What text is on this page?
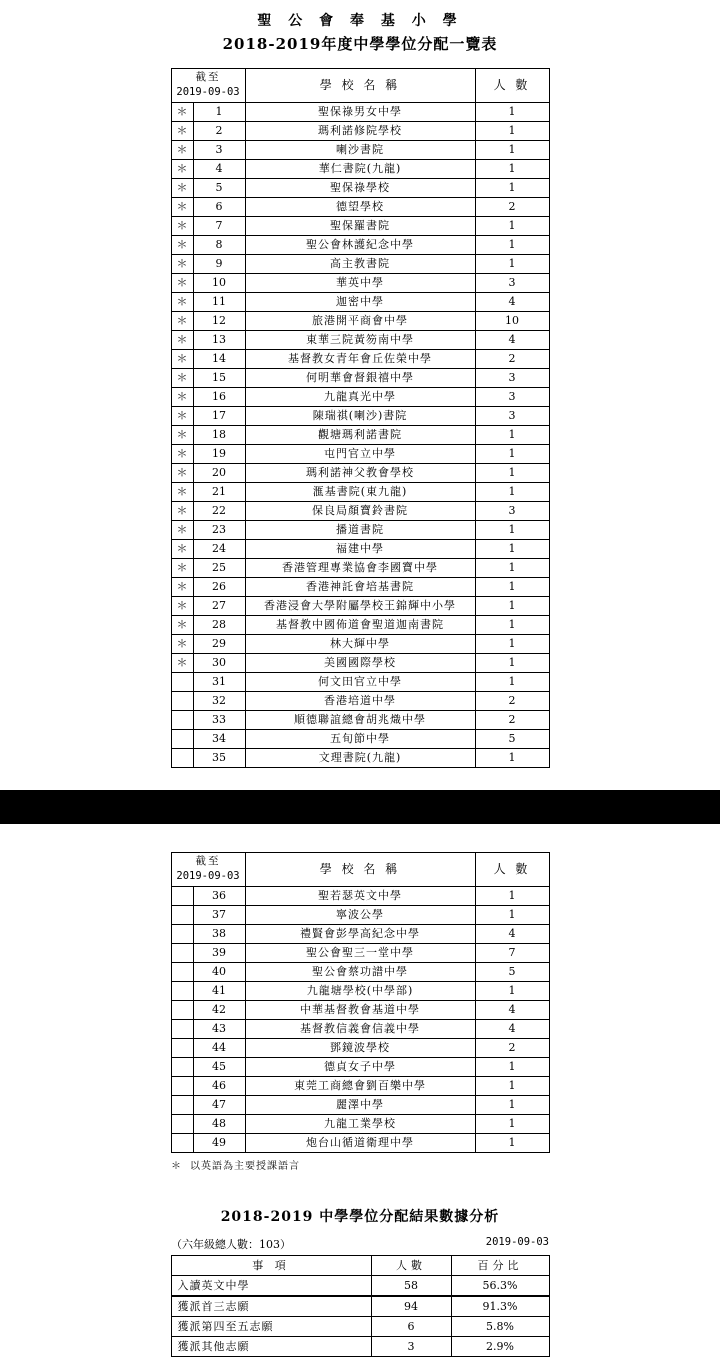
聖 公 會 奉 基 小 學
2018-2019年度中學學位分配一覽表
截至
2019-09-03		學 校 名 稱	人 數
＊	1	聖保祿男女中學	1
＊	2	瑪利諾修院學校	1
＊	3	喇沙書院	1
＊	4	華仁書院(九龍)	1
＊	5	聖保祿學校	1
＊	6	德望學校	2
＊	7	聖保羅書院	1
＊	8	聖公會林護紀念中學	1
＊	9	高主教書院	1
＊	10	華英中學	3
＊	11	迦密中學	4
＊	12	旅港開平商會中學	10
＊	13	東華三院黃笏南中學	4
＊	14	基督教女青年會丘佐榮中學	2
＊	15	何明華會督銀禧中學	3
＊	16	九龍真光中學	3
＊	17	陳瑞祺(喇沙)書院	3
＊	18	觀塘瑪利諾書院	1
＊	19	屯門官立中學	1
＊	20	瑪利諾神父教會學校	1
＊	21	滙基書院(東九龍)	1
＊	22	保良局顏寶鈴書院	3
＊	23	播道書院	1
＊	24	福建中學	1
＊	25	香港管理專業協會李國寶中學	1
＊	26	香港神託會培基書院	1
＊	27	香港浸會大學附屬學校王錦輝中小學	1
＊	28	基督教中國佈道會聖道迦南書院	1
＊	29	林大輝中學	1
＊	30	美國國際學校	1
	31	何文田官立中學	1
	32	香港培道中學	2
	33	順德聯誼總會胡兆熾中學	2
	34	五旬節中學	5
	35	文理書院(九龍)	1
截至
2019-09-03		學 校 名 稱	人 數
	36	聖若瑟英文中學	1
	37	寧波公學	1
	38	禮賢會彭學高紀念中學	4
	39	聖公會聖三一堂中學	7
	40	聖公會蔡功譜中學	5
	41	九龍塘學校(中學部)	1
	42	中華基督教會基道中學	4
	43	基督教信義會信義中學	4
	44	鄧鏡波學校	2
	45	德貞女子中學	1
	46	東莞工商總會劉百樂中學	1
	47	麗澤中學	1
	48	九龍工業學校	1
	49	炮台山循道衛理中學	1
＊ 以英語為主要授課語言
2018-2019 中學學位分配結果數據分析
（六年級總人數：103）	2019-09-03
事 項	人數	百分比
入讀英文中學	58	56.3%
獲派首三志願	94	91.3%
獲派第四至五志願	6	5.8%
獲派其他志願	3	2.9%
